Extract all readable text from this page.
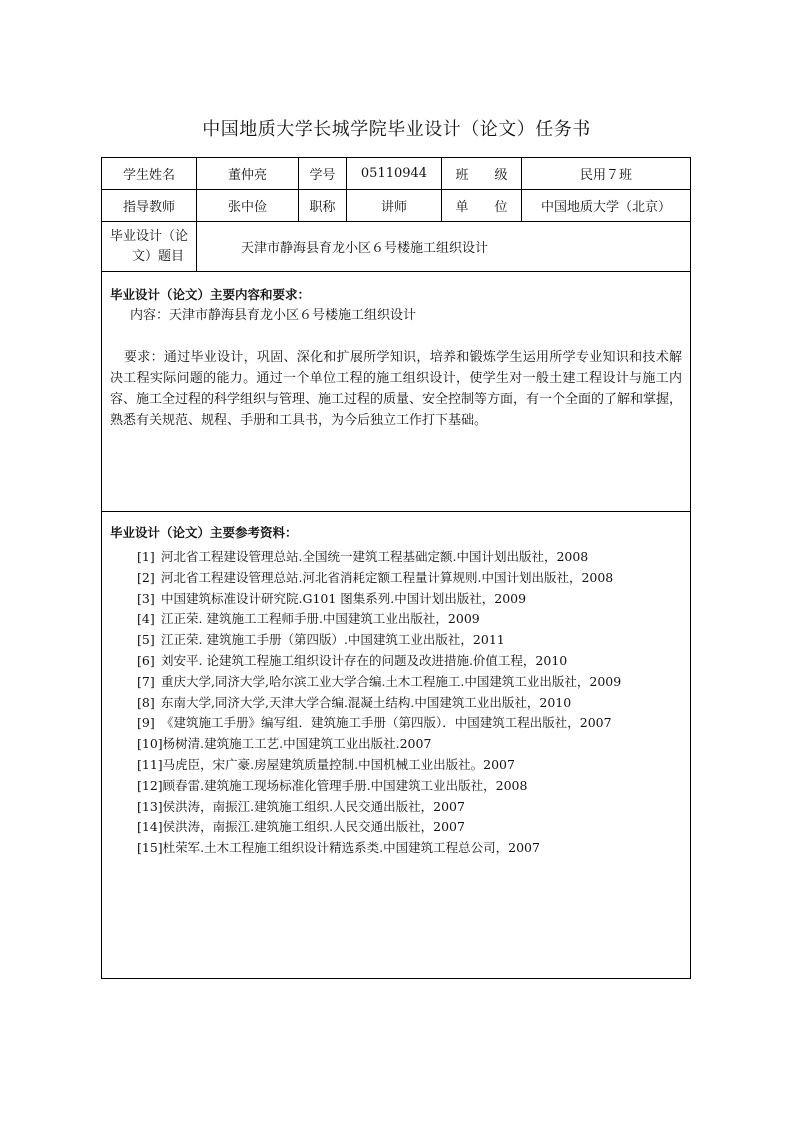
中国地质大学长城学院毕业设计（论文）任务书
学生姓名	董仲亮	学号	05110944	班　　级	民用７班
指导教师	张中俭	职称	讲师	单　　位	中国地质大学（北京）
毕业设计（论
文）题目	天津市静海县育龙小区６号楼施工组织设计
毕业设计（论文）主要内容和要求：
内容：天津市静海县育龙小区６号楼施工组织设计
要求：通过毕业设计，巩固、深化和扩展所学知识，培养和锻炼学生运用所学专业知识和技术解决工程实际问题的能力。通过一个单位工程的施工组织设计，使学生对一般土建工程设计与施工内容、施工全过程的科学组织与管理、施工过程的质量、安全控制等方面，有一个全面的了解和掌握，熟悉有关规范、规程、手册和工具书，为今后独立工作打下基础。
毕业设计（论文）主要参考资料：
[1] 河北省工程建设管理总站.全国统一建筑工程基础定额.中国计划出版社，2008
[2] 河北省工程建设管理总站.河北省消耗定额工程量计算规则.中国计划出版社，2008
[3] 中国建筑标准设计研究院.G101 图集系列.中国计划出版社，2009
[4] 江正荣. 建筑施工工程师手册.中国建筑工业出版社，2009
[5] 江正荣. 建筑施工手册（第四版）.中国建筑工业出版社，2011
[6] 刘安平. 论建筑工程施工组织设计存在的问题及改进措施.价值工程，2010
[7] 重庆大学,同济大学,哈尔滨工业大学合编.土木工程施工.中国建筑工业出版社，2009
[8] 东南大学,同济大学,天津大学合编.混凝土结构.中国建筑工业出版社，2010
[9] 《建筑施工手册》编写组．建筑施工手册（第四版）．中国建筑工程出版社，2007
[10]杨树清.建筑施工工艺.中国建筑工业出版社.2007
[11]马虎臣，宋广豪.房屋建筑质量控制.中国机械工业出版社。2007
[12]顾春雷.建筑施工现场标准化管理手册.中国建筑工业出版社，2008
[13]侯洪涛，南振江.建筑施工组织.人民交通出版社，2007
[14]侯洪涛，南振江.建筑施工组织.人民交通出版社，2007
[15]杜荣军.土木工程施工组织设计精选系类.中国建筑工程总公司，2007
